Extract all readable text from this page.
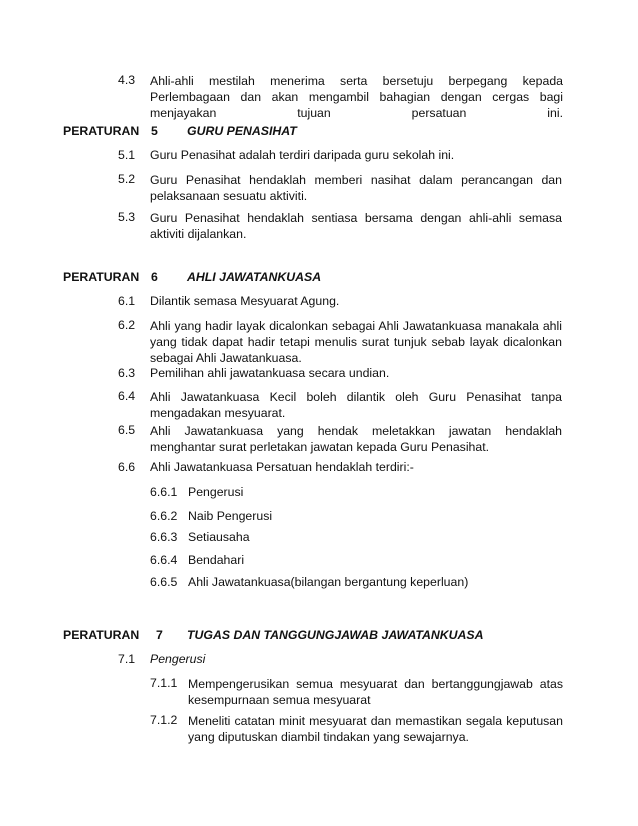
4.3 Ahli-ahli mestilah menerima serta bersetuju berpegang kepada Perlembagaan dan akan mengambil bahagian dengan cergas bagi menjayakan tujuan persatuan ini.
PERATURAN 5 GURU PENASIHAT
5.1 Guru Penasihat adalah terdiri daripada guru sekolah ini.
5.2 Guru Penasihat hendaklah memberi nasihat dalam perancangan dan pelaksanaan sesuatu aktiviti.
5.3 Guru Penasihat hendaklah sentiasa bersama dengan ahli-ahli semasa aktiviti dijalankan.
PERATURAN 6 AHLI JAWATANKUASA
6.1 Dilantik semasa Mesyuarat Agung.
6.2 Ahli yang hadir layak dicalonkan sebagai Ahli Jawatankuasa manakala ahli yang tidak dapat hadir tetapi menulis surat tunjuk sebab layak dicalonkan sebagai Ahli Jawatankuasa.
6.3 Pemilihan ahli jawatankuasa secara undian.
6.4 Ahli Jawatankuasa Kecil boleh dilantik oleh Guru Penasihat tanpa mengadakan mesyuarat.
6.5 Ahli Jawatankuasa yang hendak meletakkan jawatan hendaklah menghantar surat perletakan jawatan kepada Guru Penasihat.
6.6 Ahli Jawatankuasa Persatuan hendaklah terdiri:-
6.6.1 Pengerusi
6.6.2 Naib Pengerusi
6.6.3 Setiausaha
6.6.4 Bendahari
6.6.5 Ahli Jawatankuasa(bilangan bergantung keperluan)
PERATURAN 7 TUGAS DAN TANGGUNGJAWAB JAWATANKUASA
7.1 Pengerusi
7.1.1 Mempengerusikan semua mesyuarat dan bertanggungjawab atas kesempurnaan semua mesyuarat
7.1.2 Meneliti catatan minit mesyuarat dan memastikan segala keputusan yang diputuskan diambil tindakan yang sewajarnya.
